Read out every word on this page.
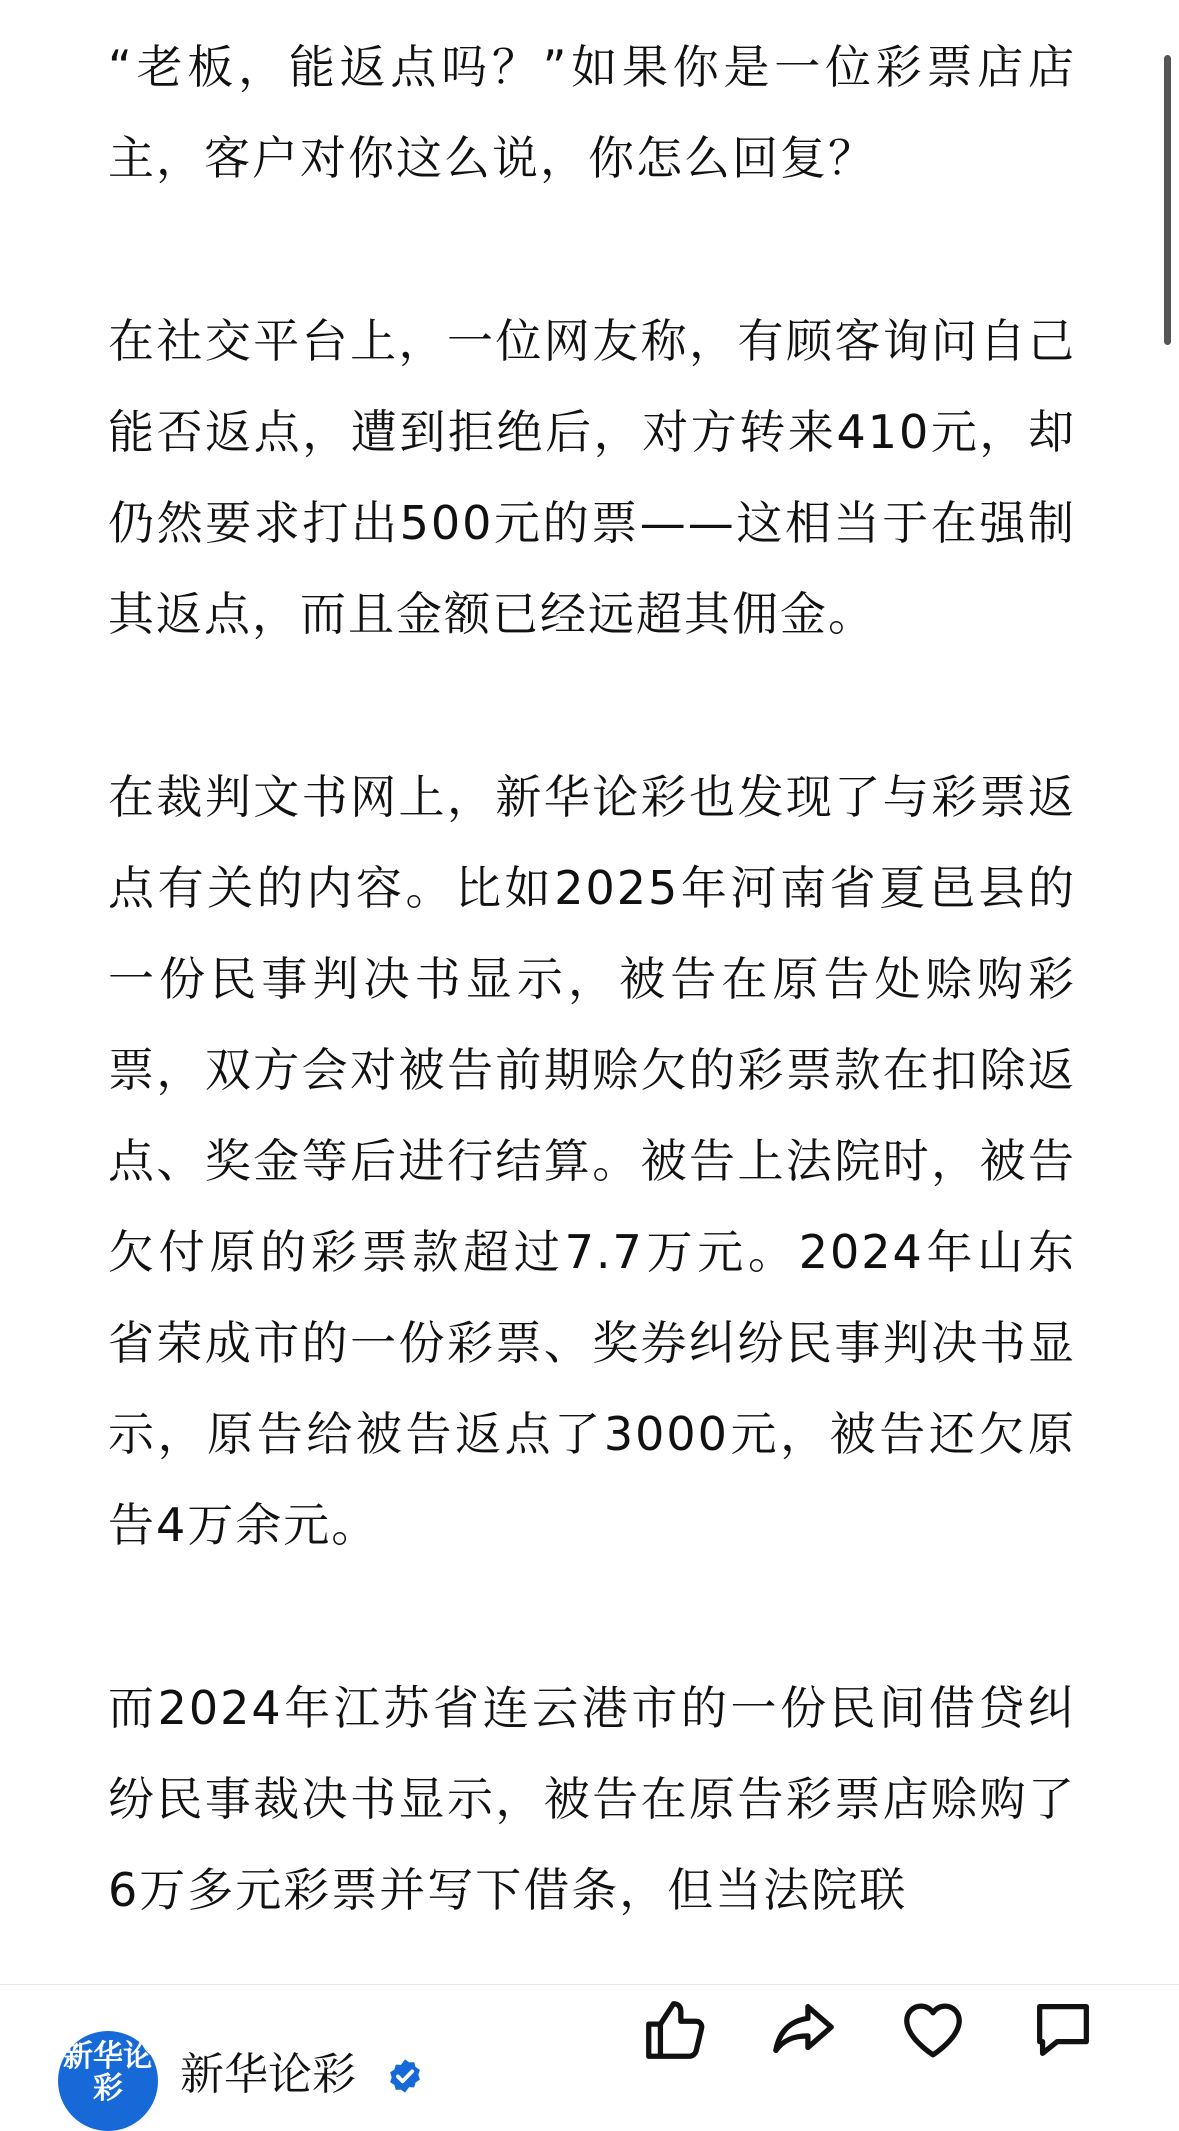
“老板，能返点吗？”如果你是一位彩票店店主，客户对你这么说，你怎么回复？

在社交平台上，一位网友称，有顾客询问自己能否返点，遭到拒绝后，对方转来410元，却仍然要求打出500元的票——这相当于在强制其返点，而且金额已经远超其佣金。

在裁判文书网上，新华论彩也发现了与彩票返点有关的内容。比如2025年河南省夏邑县的一份民事判决书显示，被告在原告处赊购彩票，双方会对被告前期赊欠的彩票款在扣除返点、奖金等后进行结算。被告上法院时，被告欠付原的彩票款超过7.7万元。2024年山东省荣成市的一份彩票、奖券纠纷民事判决书显示，原告给被告返点了3000元，被告还欠原告4万余元。

而2024年江苏省连云港市的一份民间借贷纠纷民事裁决书显示，被告在原告彩票店赊购了6万多元彩票并写下借条，但当法院联

新华论彩	新华论彩
